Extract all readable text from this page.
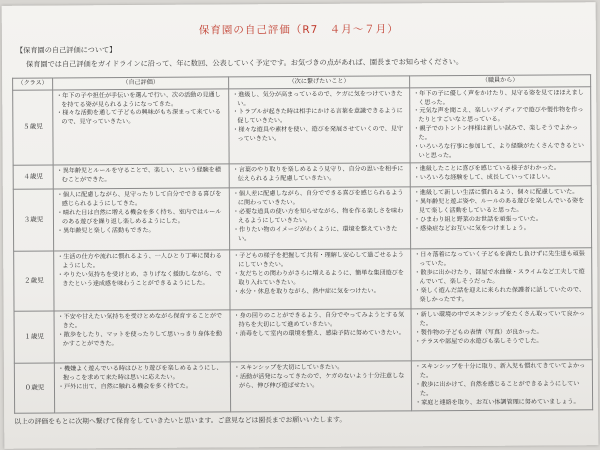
保育園の自己評価（R7　４月～７月）
【保育園の自己評価について】
保育園では自己評価をガイドラインに沿って、年に数回、公表していく予定です。お気づきの点があれば、園長までお知らせください。
（クラス）	（自己評価）	（次に繋げたいこと）	（職員から）
５歳児	・ 年下の子や担任が手伝いを選んで行い、次の活動の見通しを持てる姿が見られるようになってきた。
・ 様々な活動を通して子どもの興味がもち深まって来ているので、見守っていきたい。	・ 進級し、気分が高まっているので、ケガに気をつけていきたい。
・ トラブルが起きた時は相手にかける言葉を意識できるように促していきたい。
・ 様々な遊具や素材を使い、遊びを発展させていくので、見守っていきたい。	・ 年下の子に優しく声をかけたり、見守る姿を見てほほえましく思った。
・ 元気な声を聞こえ、楽しいアイディアで遊びや製作物を作ったりとすごいなと思っている。
・ 親子でのトントン拝様は新しい試みで、楽しそうでよかった。
・ いろいろな行事に参加して、より経験がたくさんできるといいと思った。

４歳児	・ 異年齢児とルールを守ることで、楽しい、という経験を積むことができた。	・ 言葉のやり取りを楽しめるよう見守り、自分の思いを相手に伝えられるよう配慮していきたい。	・ 進級したことに喜びを感じている様子がわかった。
・ いろいろな経験をして、成長していってほしい。

３歳児	・ 個人に配慮しながら、見守ったりして自分でできる喜びを感じられるようにしてきた。
・ 晴れた日は自然に増える機会を多く持ち、室内ではルールのある遊びを繰り返し楽しめるようにした。
・ 異年齢児と楽しく活動もできた。	・ 個人差に配慮しながら、自分でできる喜びを感じられるように関わっていきたい。
・ 必要な道具の使い方を知らせながら、物を作る楽しさを味わえるようにしていきたい。
・ 作りたい物のイメージがわくように、環境を整えていきたい。	・ 進級して新しい生活に慣れるよう、個々に配慮していた。
・ 異年齢児と遊ぶ姿や、ルールのある遊びを楽しんでいる姿を見て楽しく活動をしていると思った。
・ ひまわり組と野菜のお世話を頑張っていた。
・ 感染症などお互いに気をつけましょう。

２歳児	・ 生活の仕方や流れに慣れるよう、一人ひとり丁寧に関わるようにした。
・ やりたい気持ちを受けとめ、さりげなく援助しながら、できたという達成感を味わうことができるようにした。	・ 子どもの様子を把握して共有・理解し安心して過ごせるようにしていきたい。
・ 友だちとの関わりがさらに増えるように、簡単な集団遊びを取り入れていきたい。
・ 水分・休息を取りながら、熱中症に気をつけたい。	・ 日々落着になっていく子どもを満たし負けずに先生達も頑張っていた。
・ 散歩に出かけたり、部屋で水曲線・スライムなど工夫して遊んでいて、楽しそうだった。
・ 楽しく遊んだ話を迎えに来られた保護者に話していたので、楽しかったです。

１歳児	・ 不安や甘えたい気持ちを受けとめながら保育することができた。
・ 散歩をしたり、マットを使ったりして思いっきり身体を動かすことができた。	・ 身の回りのことができるよう、自分でやってみようとする気持ちを大切にして進めていきたい。
・ 消毒をして室内の環境を整え、感染予防に努めていきたい。	・ 新しい環境の中でスキンシップをたくさん取っていて良かった。
・ 製作物の子どもの表情（写真）が良かった。
・ テラスや部屋での水遊びも楽しそうでした。

０歳児	・ 機嫌よく遊んでいる時はひとり遊びを楽しめるようにし、抱っこを求めて来た時は思いに応えたい。
・ 戸外に出て、自然に触れる機会を多く持てた。	・ スキンシップを大切にしていきたい。
・ 活動が活発になってきたので、ケガのないよう十分注意しながら、伸び伸び遊ばせたい。	・ スキンシップを十分に取り、新入児も慣れてきていてよかった。
・ 散歩に出かけて、自然を感じることができるようにしていた。
・ 家庭と連絡を取り、お互い体調管理に努めていましょう。
以上の評価をもとに次期へ繋げて保育をしていきたいと思います。ご意見などは園長までお願いいたします。
